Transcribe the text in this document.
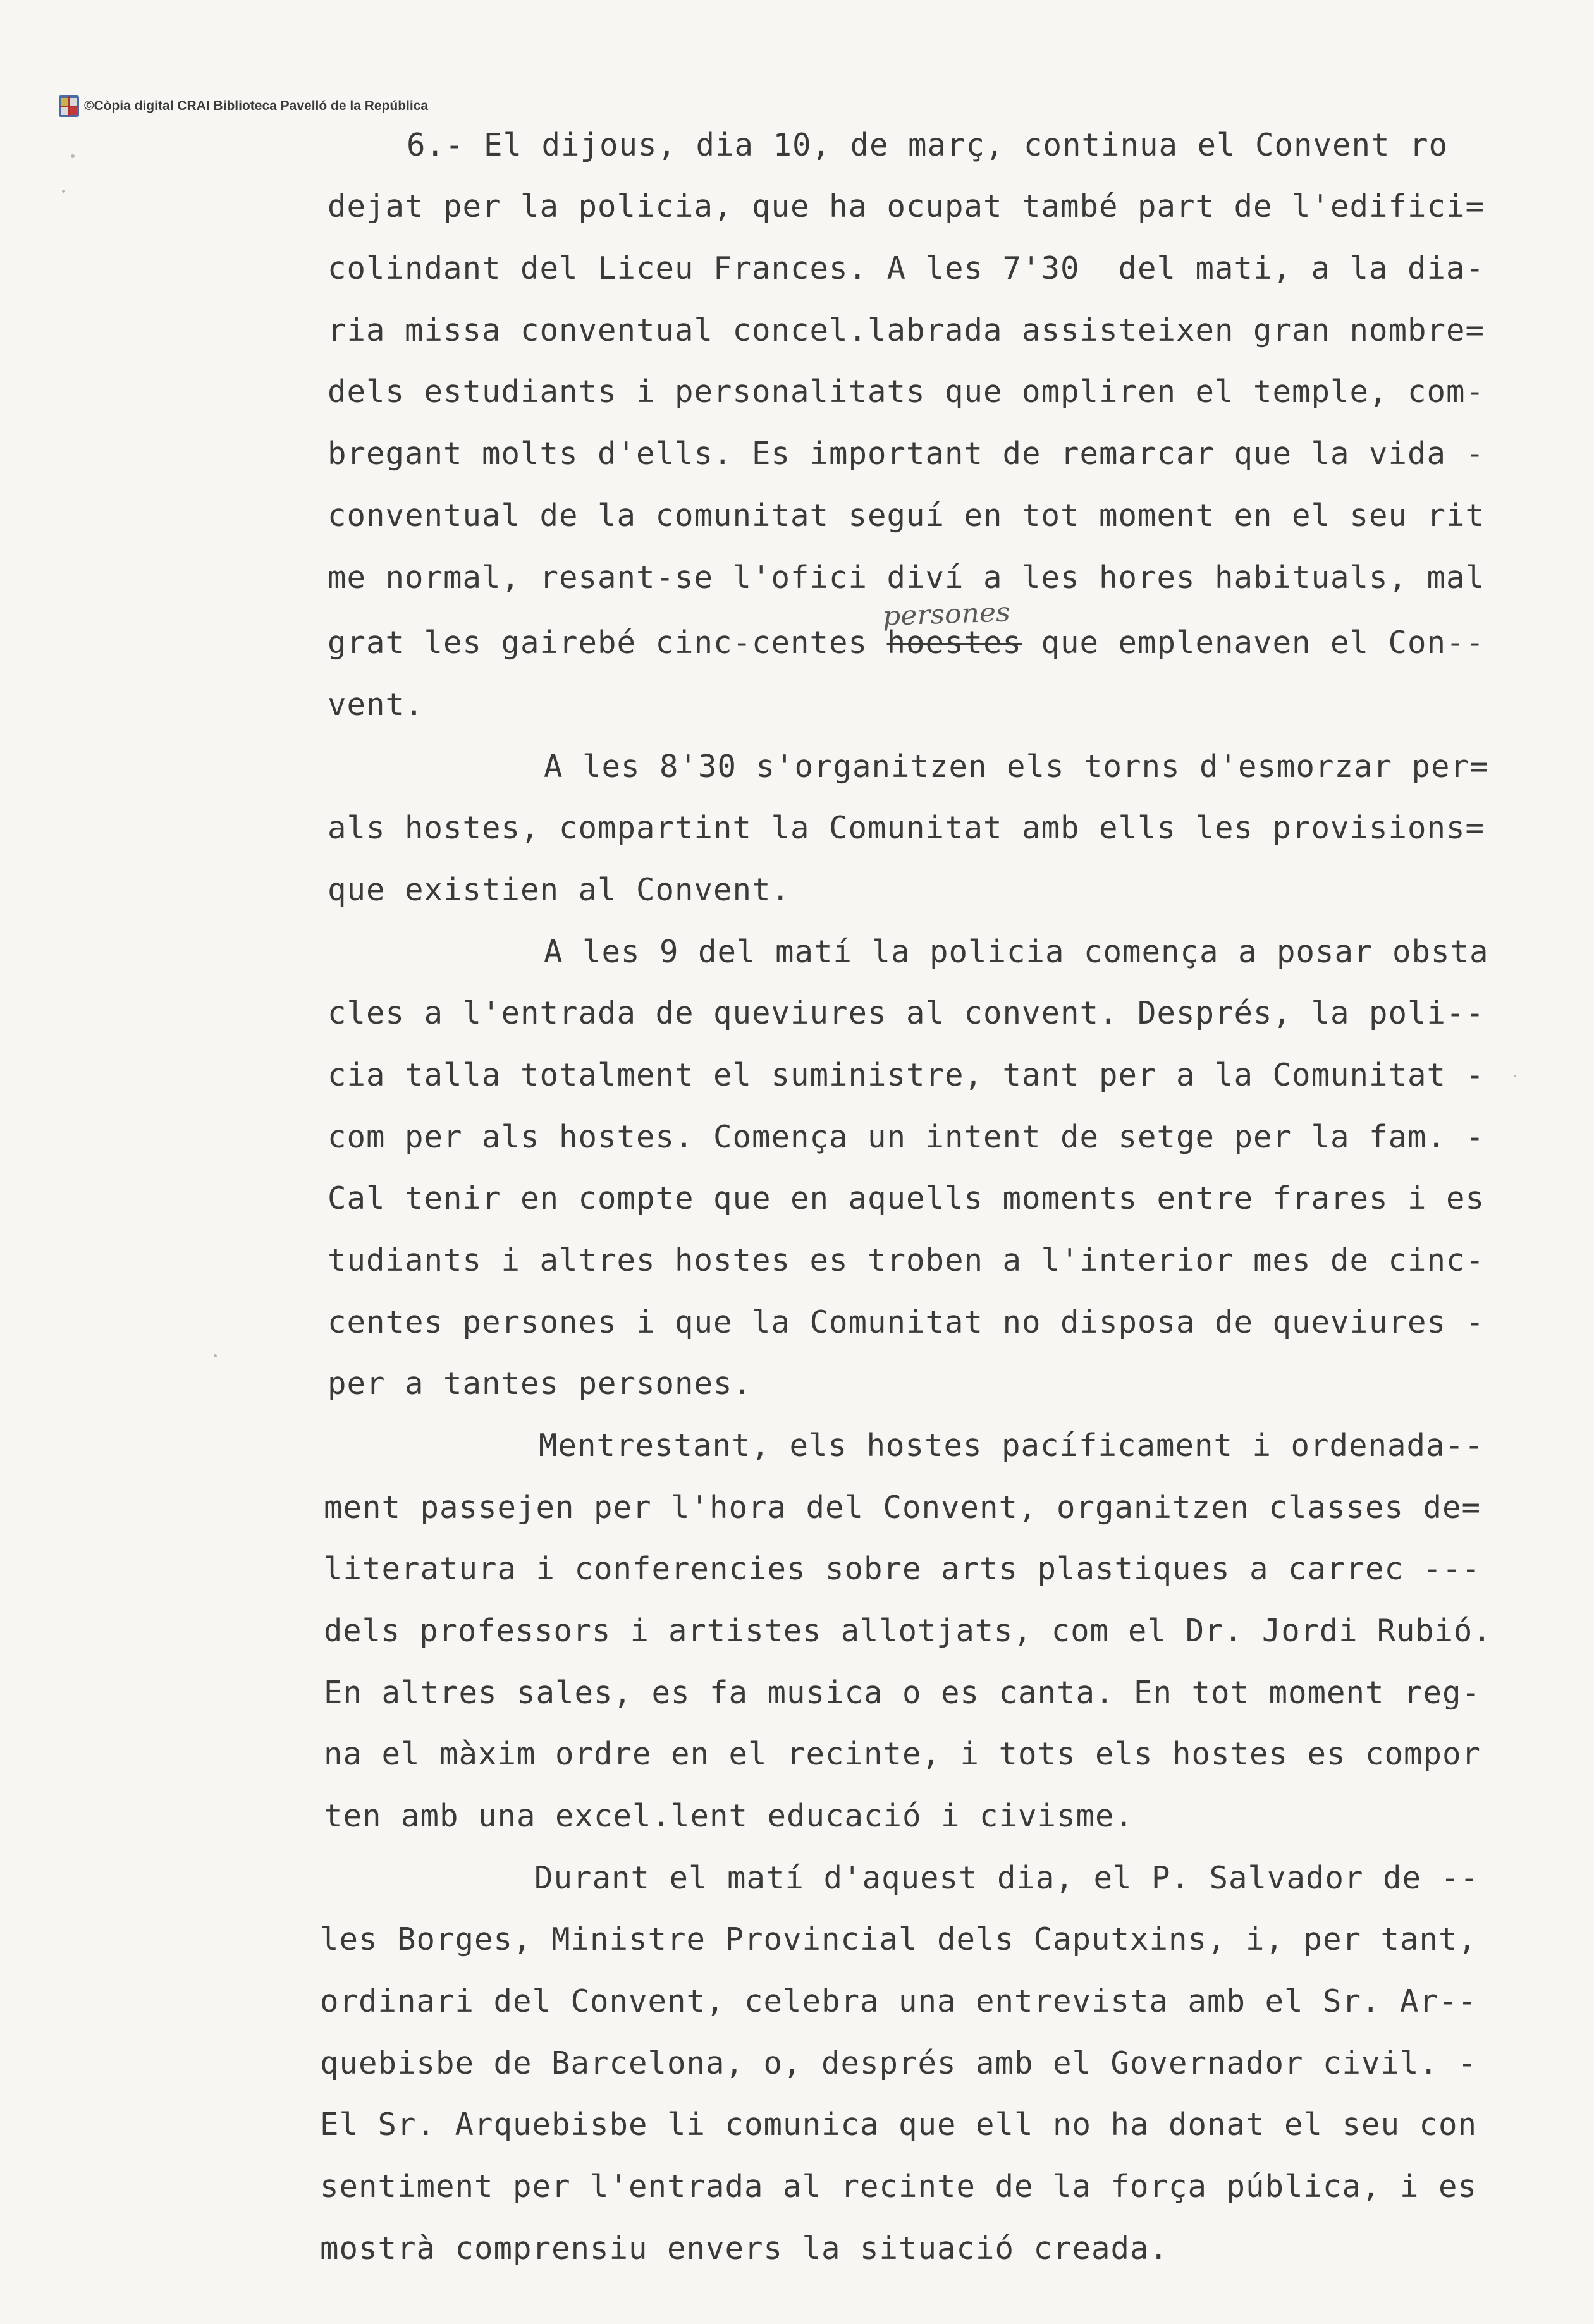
©Còpia digital CRAI Biblioteca Pavelló de la República
6.- El dijous, dia 10, de març, continua el Convent ro
dejat per la policia, que ha ocupat també part de l'edifici=
colindant del Liceu Frances. A les 7'30  del mati, a la dia-
ria missa conventual concel.labrada assisteixen gran nombre=
dels estudiants i personalitats que ompliren el temple, com-
bregant molts d'ells. Es important de remarcar que la vida -
conventual de la comunitat seguí en tot moment en el seu rit
me normal, resant-se l'ofici diví a les hores habituals, mal
grat les gairebé cinc-centes hoestes que emplenaven el Con--
vent.
A les 8'30 s'organitzen els torns d'esmorzar per=
als hostes, compartint la Comunitat amb ells les provisions=
que existien al Convent.
A les 9 del matí la policia comença a posar obsta
cles a l'entrada de queviures al convent. Després, la poli--
cia talla totalment el suministre, tant per a la Comunitat -
com per als hostes. Comença un intent de setge per la fam. -
Cal tenir en compte que en aquells moments entre frares i es
tudiants i altres hostes es troben a l'interior mes de cinc-
centes persones i que la Comunitat no disposa de queviures -
per a tantes persones.
Mentrestant, els hostes pacíficament i ordenada--
ment passejen per l'hora del Convent, organitzen classes de=
literatura i conferencies sobre arts plastiques a carrec ---
dels professors i artistes allotjats, com el Dr. Jordi Rubió.
En altres sales, es fa musica o es canta. En tot moment reg-
na el màxim ordre en el recinte, i tots els hostes es compor
ten amb una excel.lent educació i civisme.
Durant el matí d'aquest dia, el P. Salvador de --
les Borges, Ministre Provincial dels Caputxins, i, per tant,
ordinari del Convent, celebra una entrevista amb el Sr. Ar--
quebisbe de Barcelona, o, després amb el Governador civil. -
El Sr. Arquebisbe li comunica que ell no ha donat el seu con
sentiment per l'entrada al recinte de la força pública, i es
mostrà comprensiu envers la situació creada.
persones
